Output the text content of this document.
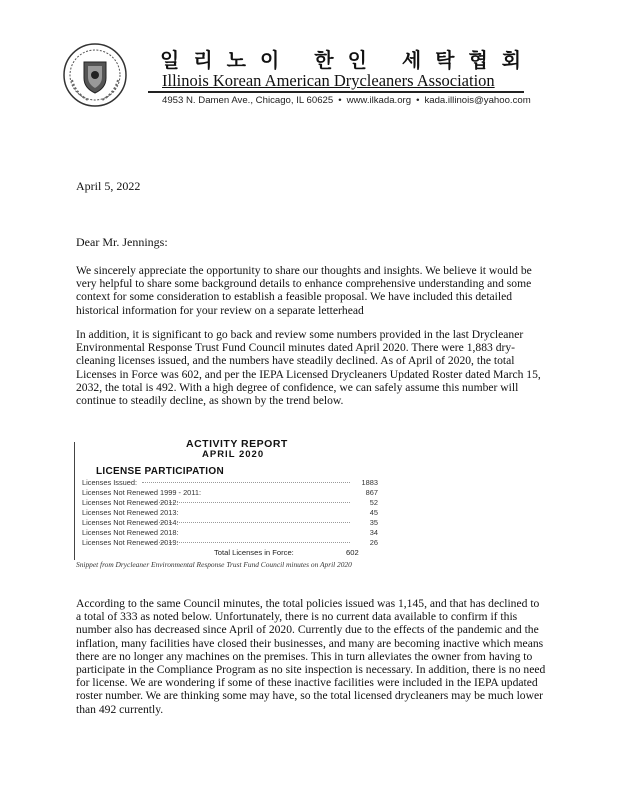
일리노이 한인 세탁협회
Illinois Korean American Drycleaners Association
4953 N. Damen Ave., Chicago, IL 60625 • www.ilkada.org • kada.illinois@yahoo.com
April 5, 2022
Dear Mr. Jennings:

We sincerely appreciate the opportunity to share our thoughts and insights. We believe it would be very helpful to share some background details to enhance comprehensive understanding and some context for some consideration to establish a feasible proposal. We have included this detailed historical information for your review on a separate letterhead

In addition, it is significant to go back and review some numbers provided in the last Drycleaner Environmental Response Trust Fund Council minutes dated April 2020. There were 1,883 dry-cleaning licenses issued, and the numbers have steadily declined. As of April of 2020, the total Licenses in Force was 602, and per the IEPA Licensed Drycleaners Updated Roster dated March 15, 2032, the total is 492. With a high degree of confidence, we can safely assume this number will continue to steadily decline, as shown by the trend below.

ACTIVITY REPORT
APRIL 2020
LICENSE PARTICIPATION
Licenses Issued:	1883
Licenses Not Renewed 1999 - 2011:	867
Licenses Not Renewed 2012:	52
Licenses Not Renewed 2013:	45
Licenses Not Renewed 2014:	35
Licenses Not Renewed 2018:	34
Licenses Not Renewed 2019:	26
Total Licenses in Force:	602
Snippet from Drycleaner Environmental Response Trust Fund Council minutes on April 2020

According to the same Council minutes, the total policies issued was 1,145, and that has declined to a total of 333 as noted below. Unfortunately, there is no current data available to confirm if this number also has decreased since April of 2020. Currently due to the effects of the pandemic and the inflation, many facilities have closed their businesses, and many are becoming inactive which means there are no longer any machines on the premises. This in turn alleviates the owner from having to participate in the Compliance Program as no site inspection is necessary. In addition, there is no need for license. We are wondering if some of these inactive facilities were included in the IEPA updated roster number. We are thinking some may have, so the total licensed drycleaners may be much lower than 492 currently.
